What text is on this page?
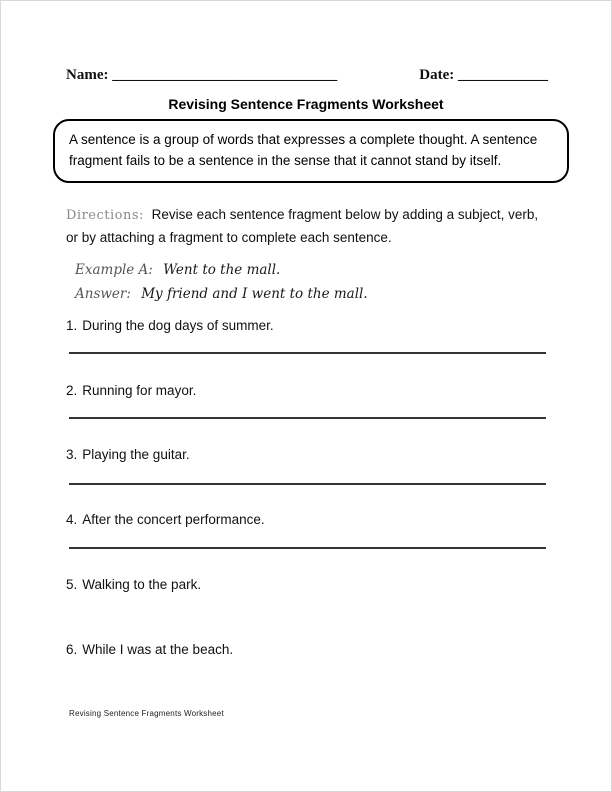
Name: ______________________________	Date: ____________
Revising Sentence Fragments Worksheet
A sentence is a group of words that expresses a complete thought. A sentence fragment fails to be a sentence in the sense that it cannot stand by itself.
Directions: Revise each sentence fragment below by adding a subject, verb, or by attaching a fragment to complete each sentence.
Example A: Went to the mall.
Answer: My friend and I went to the mall.
1. During the dog days of summer.
2. Running for mayor.
3. Playing the guitar.
4. After the concert performance.
5. Walking to the park.
6. While I was at the beach.
Revising Sentence Fragments Worksheet
